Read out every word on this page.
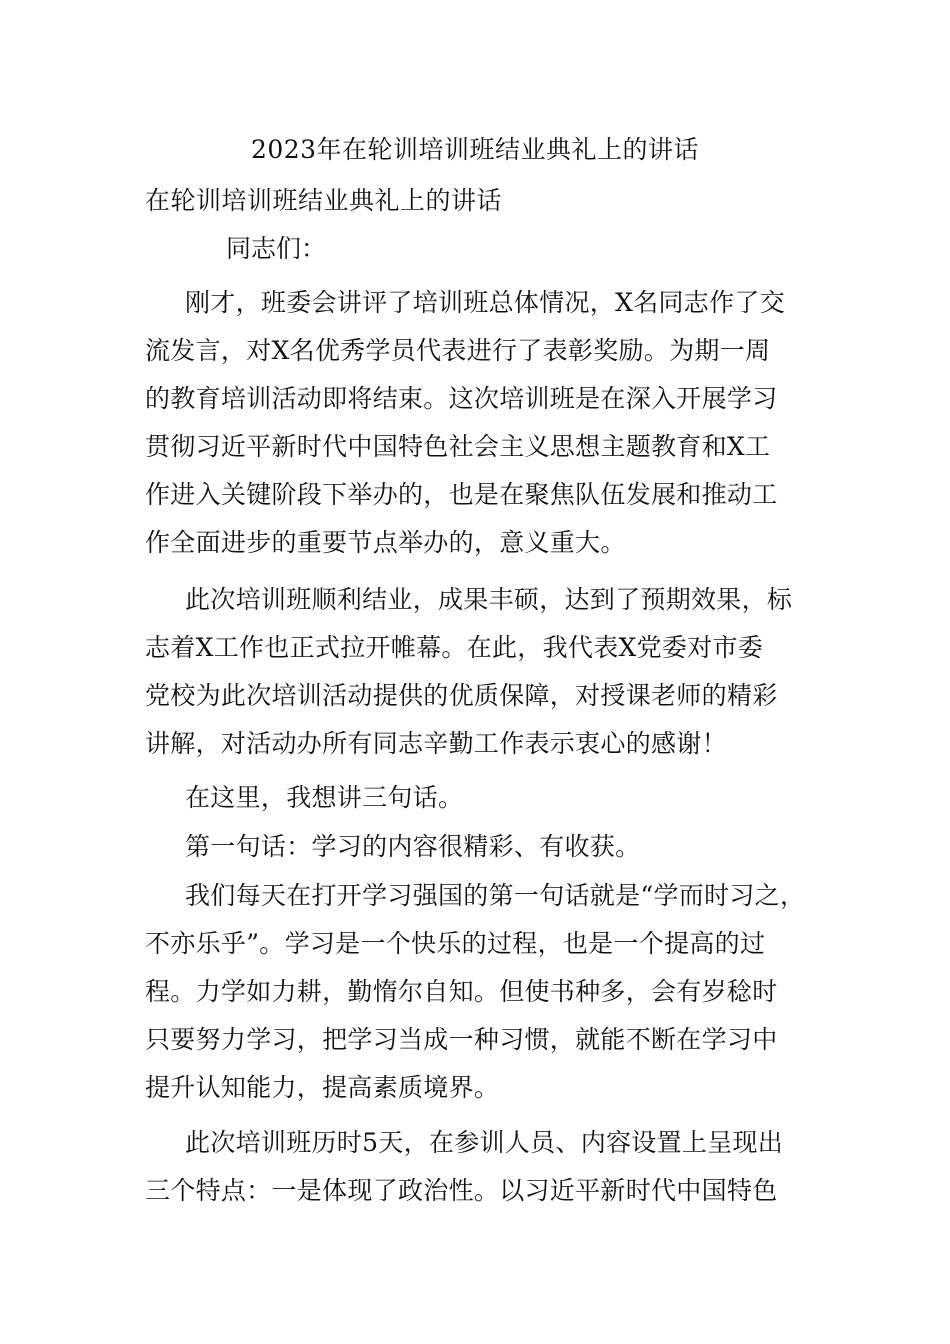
2023年在轮训培训班结业典礼上的讲话

在轮训培训班结业典礼上的讲话

同志们：

刚才，班委会讲评了培训班总体情况，X名同志作了交
流发言，对X名优秀学员代表进行了表彰奖励。为期一周
的教育培训活动即将结束。这次培训班是在深入开展学习
贯彻习近平新时代中国特色社会主义思想主题教育和X工
作进入关键阶段下举办的，也是在聚焦队伍发展和推动工
作全面进步的重要节点举办的，意义重大。

此次培训班顺利结业，成果丰硕，达到了预期效果，标
志着X工作也正式拉开帷幕。在此，我代表X党委对市委
党校为此次培训活动提供的优质保障，对授课老师的精彩
讲解，对活动办所有同志辛勤工作表示衷心的感谢！

在这里，我想讲三句话。

第一句话：学习的内容很精彩、有收获。

我们每天在打开学习强国的第一句话就是“学而时习之，
不亦乐乎”。学习是一个快乐的过程，也是一个提高的过
程。力学如力耕，勤惰尔自知。但使书种多，会有岁稔时
只要努力学习，把学习当成一种习惯，就能不断在学习中
提升认知能力，提高素质境界。

此次培训班历时5天，在参训人员、内容设置上呈现出
三个特点：一是体现了政治性。以习近平新时代中国特色
